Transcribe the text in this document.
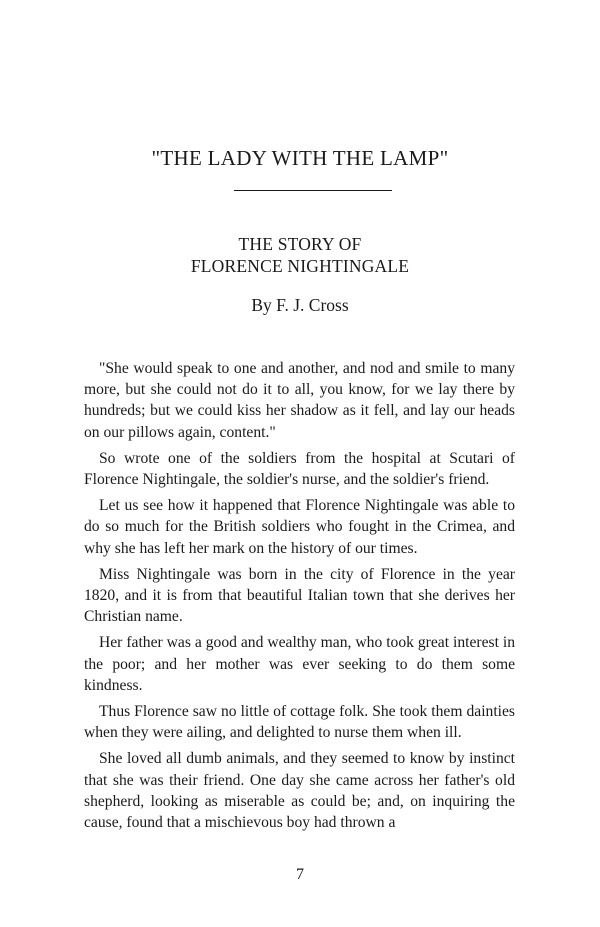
"THE LADY WITH THE LAMP"
THE STORY OF
FLORENCE NIGHTINGALE
By F. J. Cross

"She would speak to one and another, and nod and smile to many more, but she could not do it to all, you know, for we lay there by hundreds; but we could kiss her shadow as it fell, and lay our heads on our pillows again, content."

So wrote one of the soldiers from the hospital at Scutari of Florence Nightingale, the soldier's nurse, and the soldier's friend.

Let us see how it happened that Florence Nightingale was able to do so much for the British soldiers who fought in the Crimea, and why she has left her mark on the history of our times.

Miss Nightingale was born in the city of Florence in the year 1820, and it is from that beautiful Italian town that she derives her Christian name.

Her father was a good and wealthy man, who took great interest in the poor; and her mother was ever seeking to do them some kindness.

Thus Florence saw no little of cottage folk. She took them dainties when they were ailing, and delighted to nurse them when ill.

She loved all dumb animals, and they seemed to know by instinct that she was their friend. One day she came across her father's old shepherd, looking as miserable as could be; and, on inquiring the cause, found that a mischievous boy had thrown a

7
